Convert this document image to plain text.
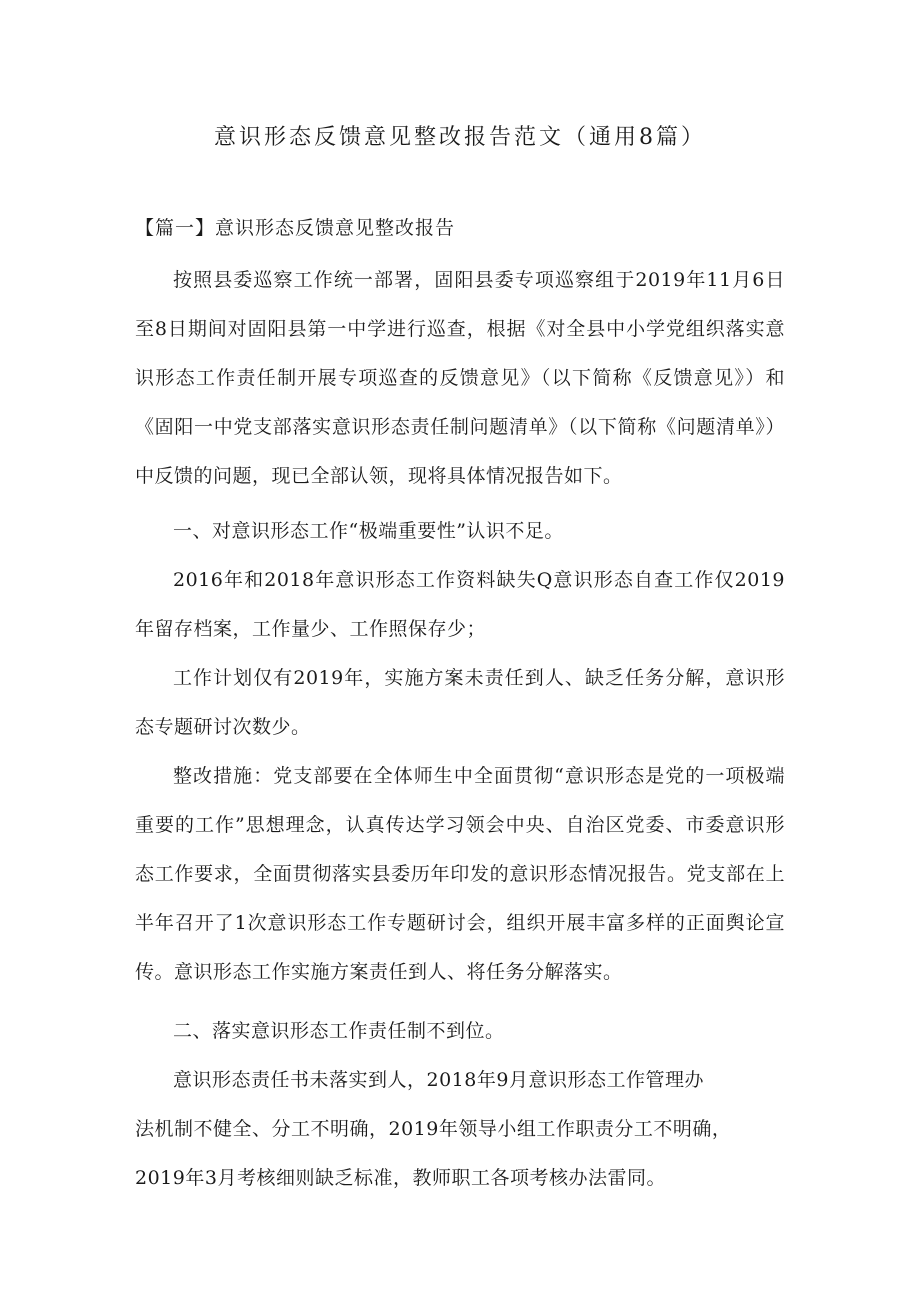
意识形态反馈意见整改报告范文（通用8篇）
【篇一】意识形态反馈意见整改报告

按照县委巡察工作统一部署，固阳县委专项巡察组于2019年11月6日至8日期间对固阳县第一中学进行巡查，根据《对全县中小学党组织落实意识形态工作责任制开展专项巡查的反馈意见》（以下简称《反馈意见》）和《固阳一中党支部落实意识形态责任制问题清单》（以下简称《问题清单》）中反馈的问题，现已全部认领，现将具体情况报告如下。

一、对意识形态工作“极端重要性”认识不足。

2016年和2018年意识形态工作资料缺失Q意识形态自查工作仅2019年留存档案，工作量少、工作照保存少；

工作计划仅有2019年，实施方案未责任到人、缺乏任务分解，意识形态专题研讨次数少。

整改措施：党支部要在全体师生中全面贯彻“意识形态是党的一项极端重要的工作”思想理念，认真传达学习领会中央、自治区党委、市委意识形态工作要求，全面贯彻落实县委历年印发的意识形态情况报告。党支部在上半年召开了1次意识形态工作专题研讨会，组织开展丰富多样的正面舆论宣传。意识形态工作实施方案责任到人、将任务分解落实。

二、落实意识形态工作责任制不到位。

意识形态责任书未落实到人，2018年9月意识形态工作管理办
法机制不健全、分工不明确，2019年领导小组工作职责分工不明确，
2019年3月考核细则缺乏标准，教师职工各项考核办法雷同。
